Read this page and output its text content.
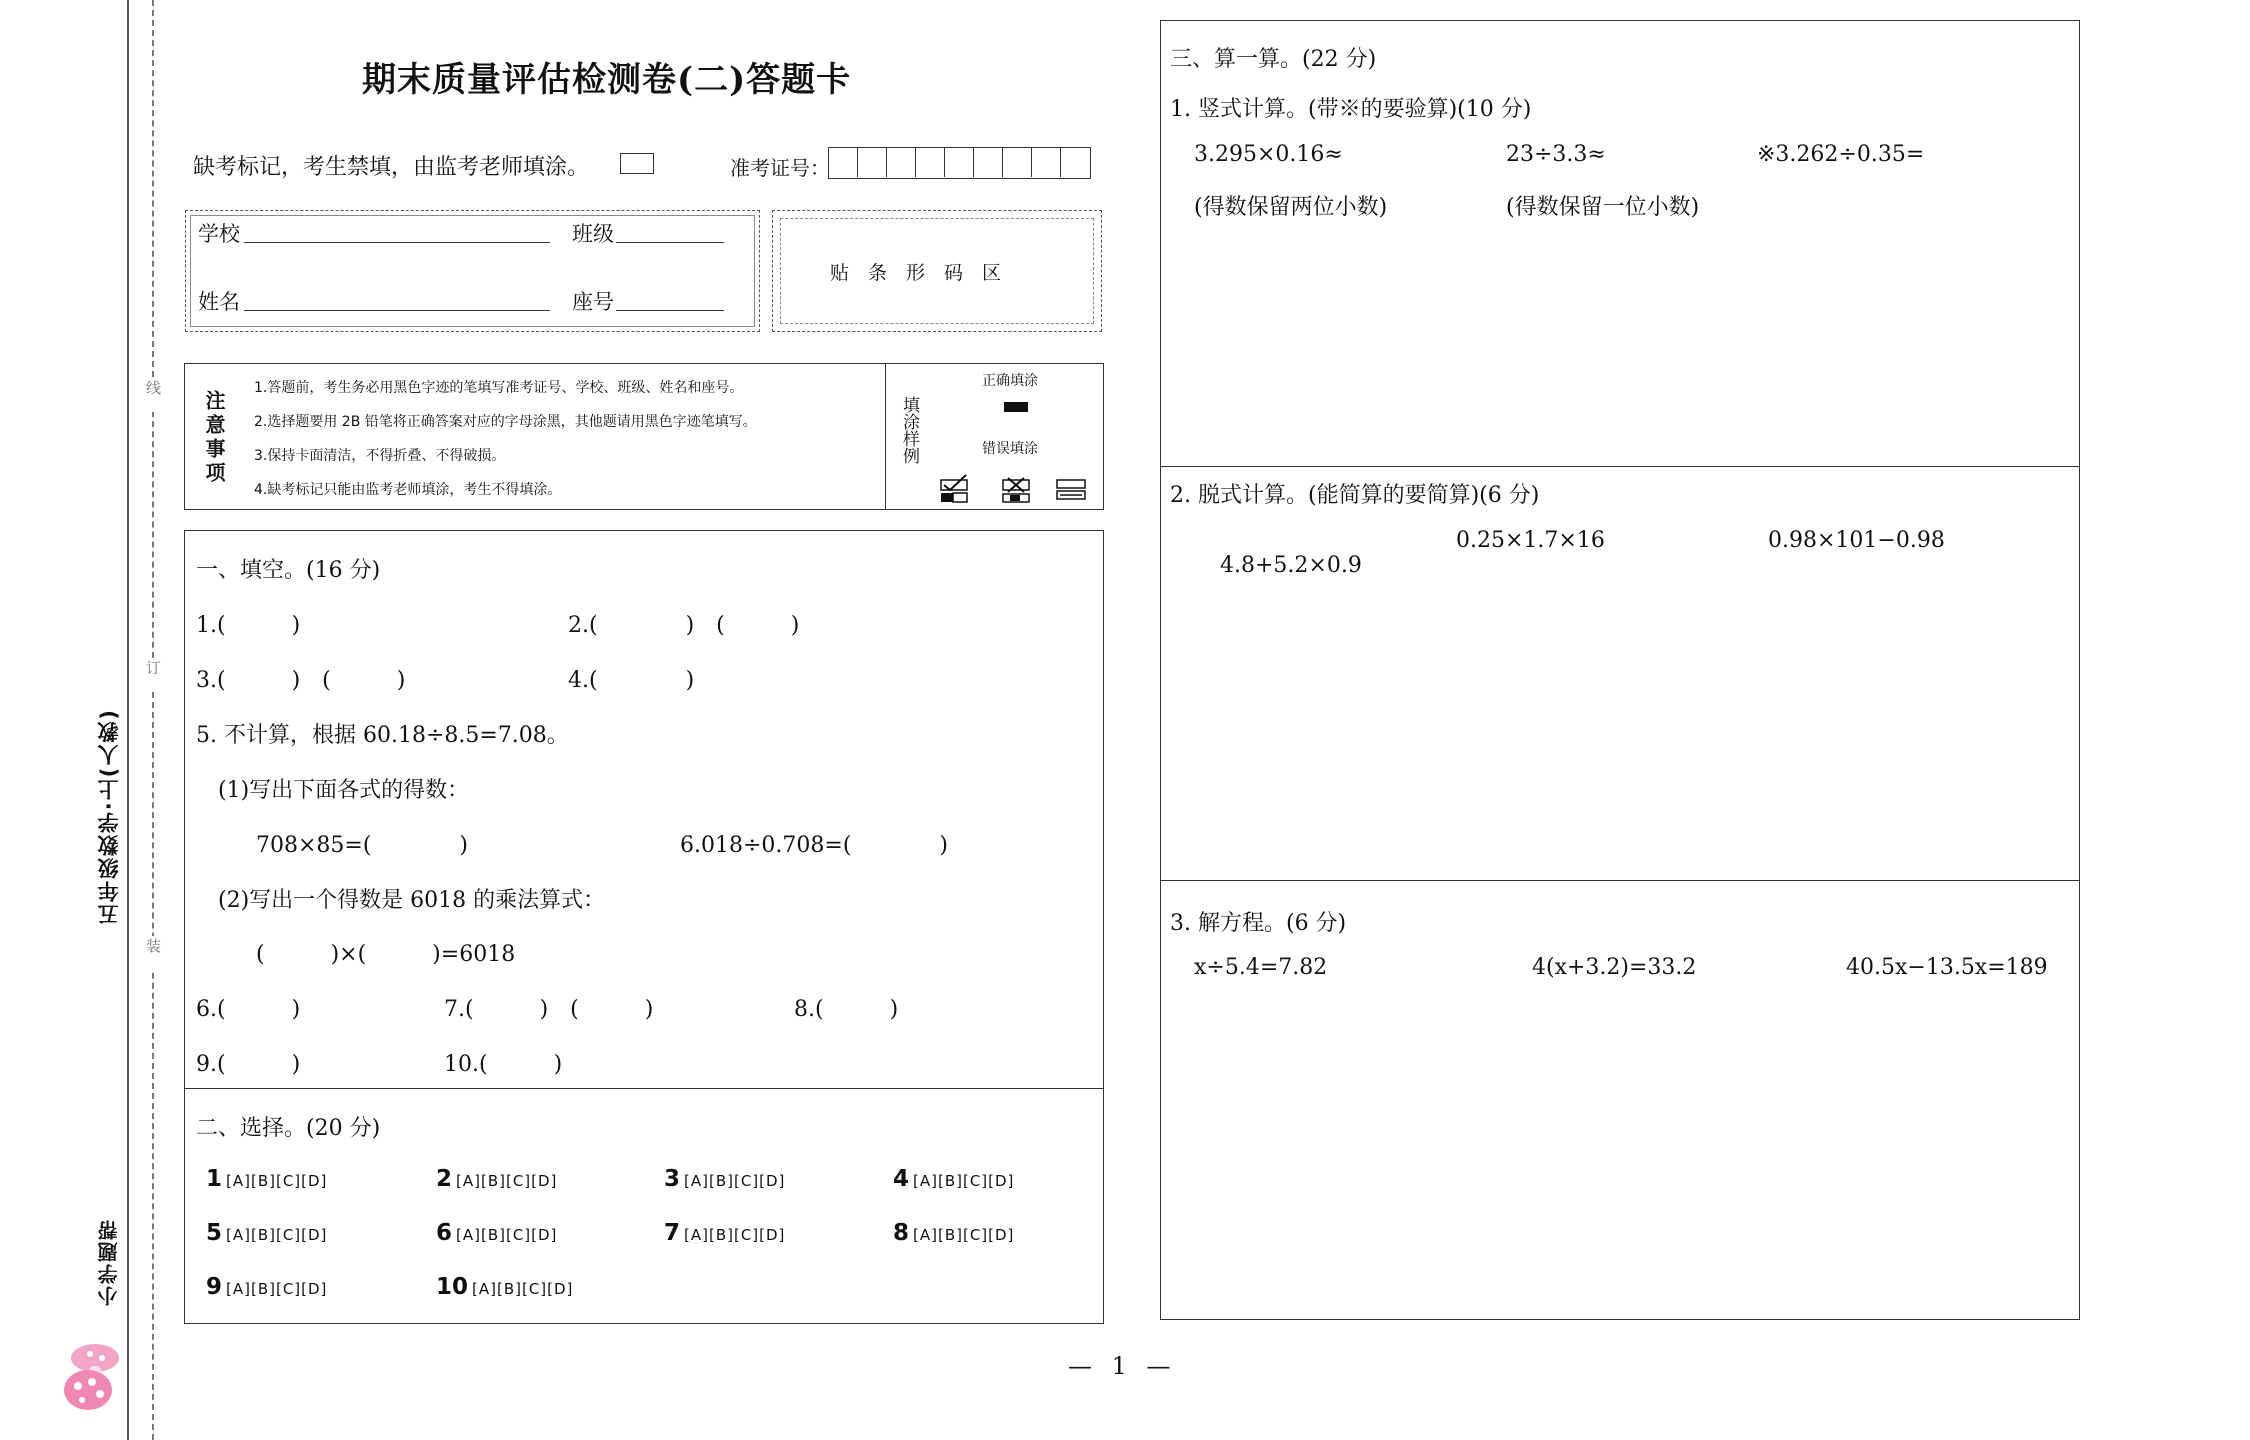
线
订
装
五年级数学·上(人教)
小学题帮
期末质量评估检测卷(二)答题卡
缺考标记，考生禁填，由监考老师填涂。	准考证号：
学校	班级
姓名	座号
贴　条　形　码　区
注意事项
1.答题前，考生务必用黑色字迹的笔填写准考证号、学校、班级、姓名和座号。
2.选择题要用 2B 铅笔将正确答案对应的字母涂黑，其他题请用黑色字迹笔填写。
3.保持卡面清洁，不得折叠、不得破损。
4.缺考标记只能由监考老师填涂，考生不得填涂。
填涂样例
正确填涂
错误填涂
一、填空。(16 分)
1.(　　　)	2.(　　　　)　(　　　)
3.(　　　)　(　　　)	4.(　　　　)
5. 不计算，根据 60.18÷8.5=7.08。
(1)写出下面各式的得数：
708×85=(　　　　)	6.018÷0.708=(　　　　)
(2)写出一个得数是 6018 的乘法算式：
(　　　)×(　　　)=6018
6.(　　　)	7.(　　　)　(　　　)	8.(　　　)
9.(　　　)	10.(　　　)
二、选择。(20 分)
1 [A][B][C][D]	2 [A][B][C][D]	3 [A][B][C][D]	4 [A][B][C][D]
5 [A][B][C][D]	6 [A][B][C][D]	7 [A][B][C][D]	8 [A][B][C][D]
9 [A][B][C][D]	10 [A][B][C][D]
三、算一算。(22 分)
1. 竖式计算。(带※的要验算)(10 分)
3.295×0.16≈	23÷3.3≈	※3.262÷0.35=
(得数保留两位小数)	(得数保留一位小数)
2. 脱式计算。(能简算的要简算)(6 分)
4.8+5.2×0.9
0.25×1.7×16	0.98×101−0.98
3. 解方程。(6 分)
x÷5.4=7.82	4(x+3.2)=33.2	40.5x−13.5x=189
— 1 —
